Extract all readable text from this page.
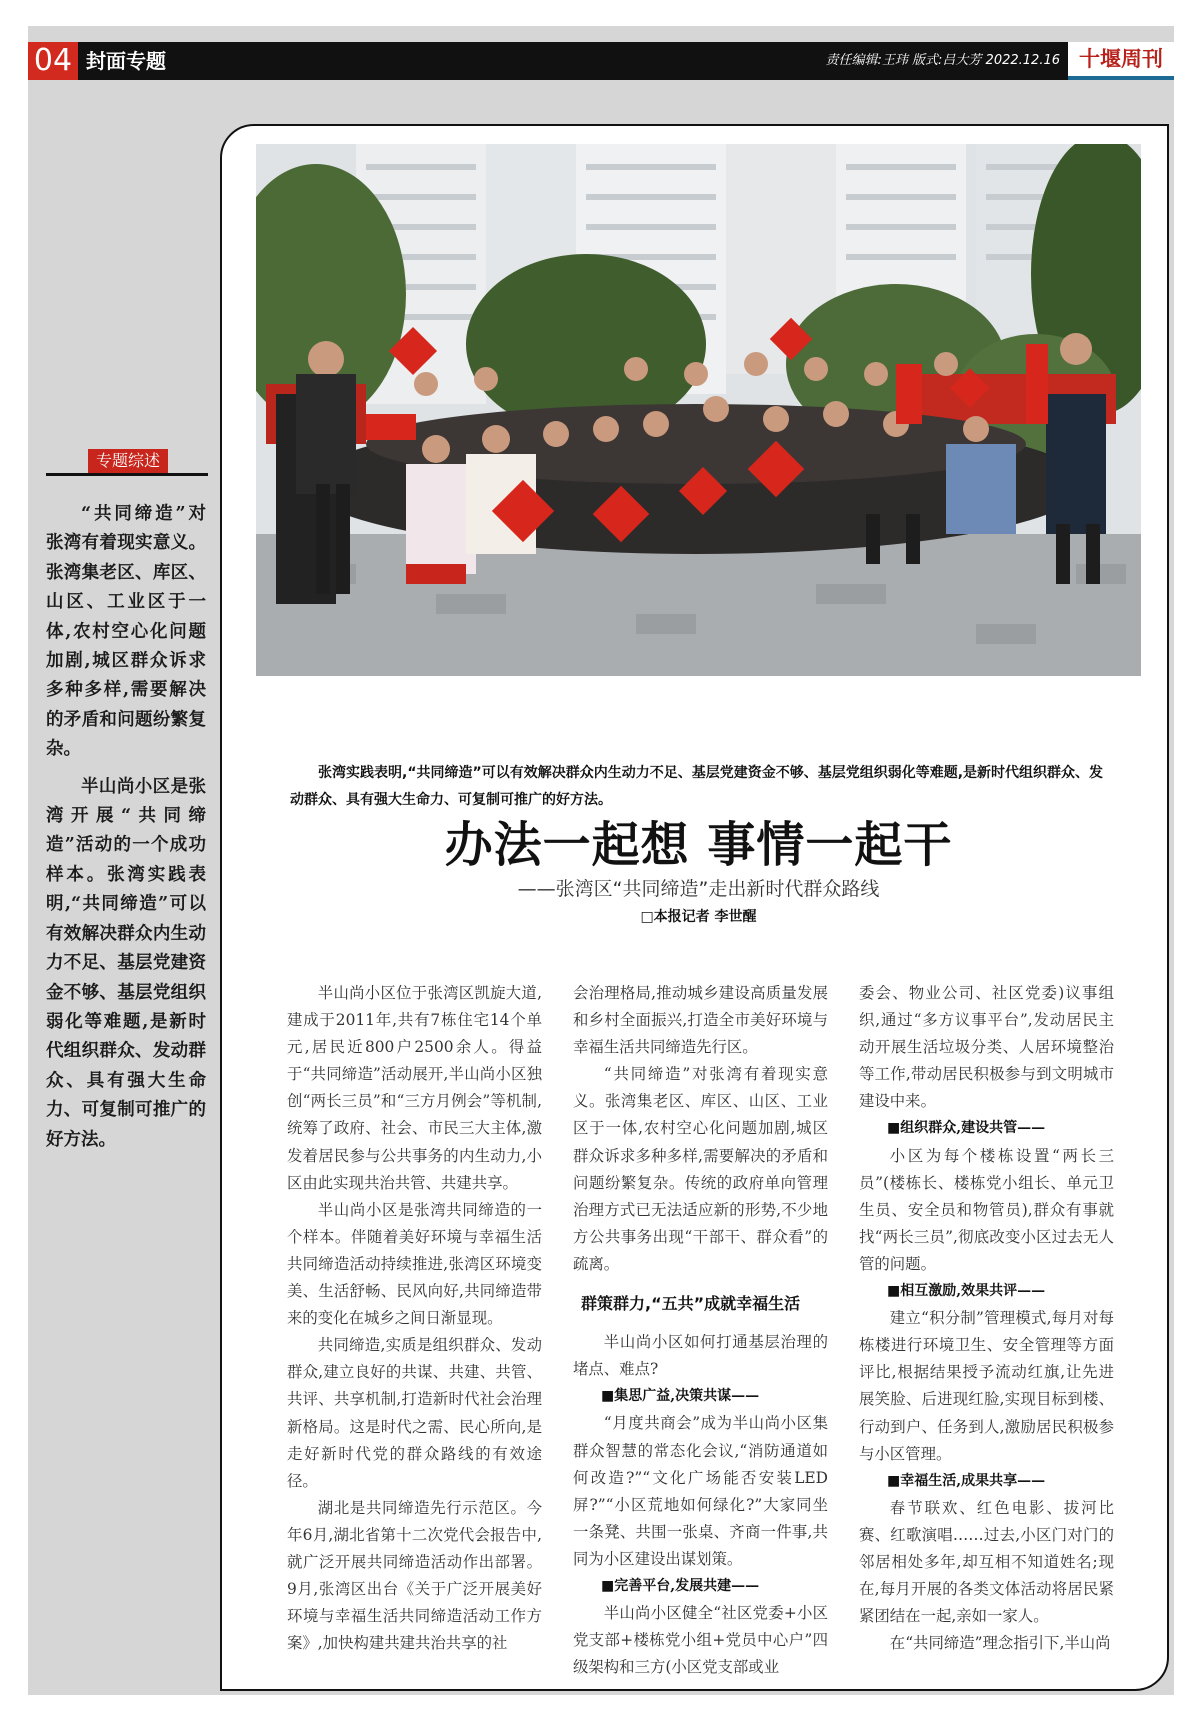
04 封面专题	责任编辑:王玮 版式:吕大芳 2022.12.16 十堰周刊
专题综述

“共同缔造”对张湾有着现实意义。张湾集老区、库区、山区、工业区于一体,农村空心化问题加剧,城区群众诉求多种多样,需要解决的矛盾和问题纷繁复杂。

半山尚小区是张湾开展“共同缔造”活动的一个成功样本。张湾实践表明,“共同缔造”可以有效解决群众内生动力不足、基层党建资金不够、基层党组织弱化等难题,是新时代组织群众、发动群众、具有强大生命力、可复制可推广的好方法。

张湾实践表明,“共同缔造”可以有效解决群众内生动力不足、基层党建资金不够、基层党组织弱化等难题,是新时代组织群众、发动群众、具有强大生命力、可复制可推广的好方法。
办法一起想 事情一起干
——张湾区“共同缔造”走出新时代群众路线
□本报记者 李世醒

半山尚小区位于张湾区凯旋大道,建成于2011年,共有7栋住宅14个单元,居民近800户2500余人。得益于“共同缔造”活动展开,半山尚小区独创“两长三员”和“三方月例会”等机制,统筹了政府、社会、市民三大主体,激发着居民参与公共事务的内生动力,小区由此实现共治共管、共建共享。

半山尚小区是张湾共同缔造的一个样本。伴随着美好环境与幸福生活共同缔造活动持续推进,张湾区环境变美、生活舒畅、民风向好,共同缔造带来的变化在城乡之间日渐显现。

共同缔造,实质是组织群众、发动群众,建立良好的共谋、共建、共管、共评、共享机制,打造新时代社会治理新格局。这是时代之需、民心所向,是走好新时代党的群众路线的有效途径。

湖北是共同缔造先行示范区。今年6月,湖北省第十二次党代会报告中,就广泛开展共同缔造活动作出部署。9月,张湾区出台《关于广泛开展美好环境与幸福生活共同缔造活动工作方案》,加快构建共建共治共享的社

会治理格局,推动城乡建设高质量发展和乡村全面振兴,打造全市美好环境与幸福生活共同缔造先行区。

“共同缔造”对张湾有着现实意义。张湾集老区、库区、山区、工业区于一体,农村空心化问题加剧,城区群众诉求多种多样,需要解决的矛盾和问题纷繁复杂。传统的政府单向管理治理方式已无法适应新的形势,不少地方公共事务出现“干部干、群众看”的疏离。

群策群力,“五共”成就幸福生活

半山尚小区如何打通基层治理的堵点、难点?

■集思广益,决策共谋——

“月度共商会”成为半山尚小区集群众智慧的常态化会议,“消防通道如何改造?”“文化广场能否安装LED屏?”“小区荒地如何绿化?”大家同坐一条凳、共围一张桌、齐商一件事,共同为小区建设出谋划策。

■完善平台,发展共建——

半山尚小区健全“社区党委+小区党支部+楼栋党小组+党员中心户”四级架构和三方(小区党支部或业

委会、物业公司、社区党委)议事组织,通过“多方议事平台”,发动居民主动开展生活垃圾分类、人居环境整治等工作,带动居民积极参与到文明城市建设中来。

■组织群众,建设共管——

小区为每个楼栋设置“两长三员”(楼栋长、楼栋党小组长、单元卫生员、安全员和物管员),群众有事就找“两长三员”,彻底改变小区过去无人管的问题。

■相互激励,效果共评——

建立“积分制”管理模式,每月对每栋楼进行环境卫生、安全管理等方面评比,根据结果授予流动红旗,让先进展笑脸、后进现红脸,实现目标到楼、行动到户、任务到人,激励居民积极参与小区管理。

■幸福生活,成果共享——

春节联欢、红色电影、拔河比赛、红歌演唱……过去,小区门对门的邻居相处多年,却互相不知道姓名;现在,每月开展的各类文体活动将居民紧紧团结在一起,亲如一家人。

在“共同缔造”理念指引下,半山尚
